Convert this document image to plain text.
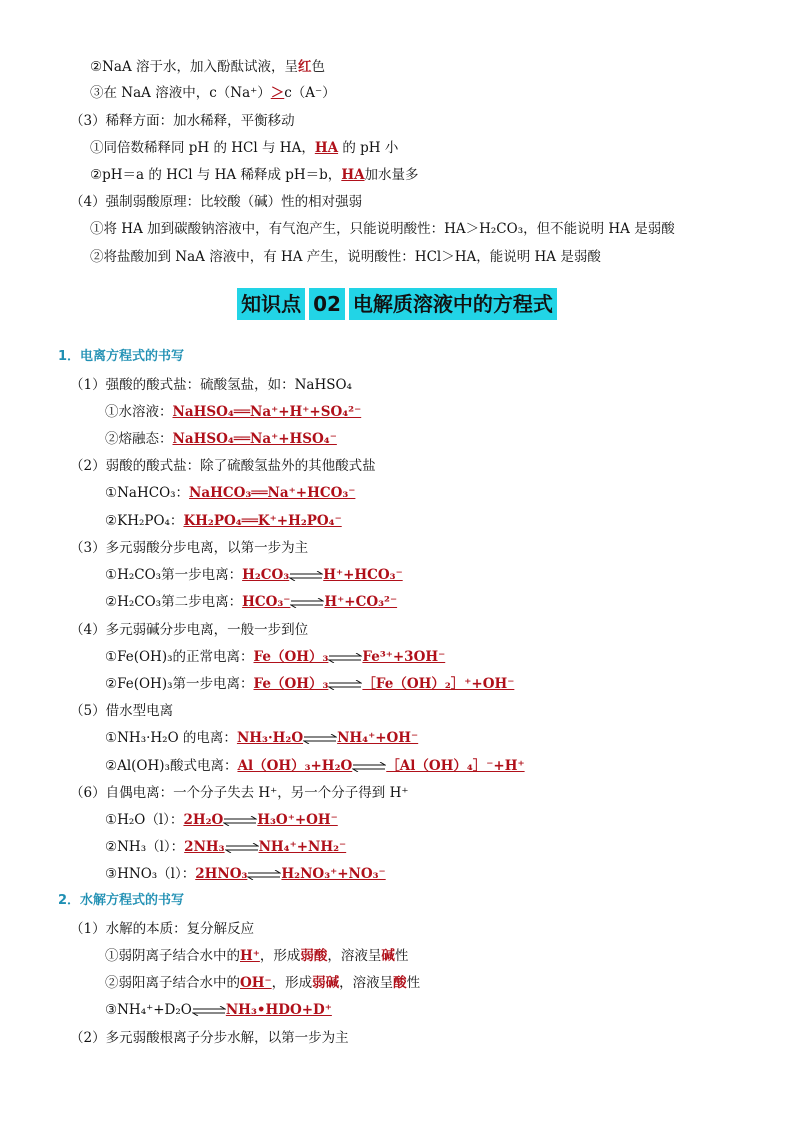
②NaA 溶于水，加入酚酞试液，呈红色
③在 NaA 溶液中，c（Na⁺）＞c（A⁻）
（3）稀释方面：加水稀释，平衡移动
①同倍数稀释同 pH 的 HCl 与 HA，HA 的 pH 小
②pH＝a 的 HCl 与 HA 稀释成 pH＝b，HA加水量多
（4）强制弱酸原理：比较酸（碱）性的相对强弱
①将 HA 加到碳酸钠溶液中，有气泡产生，只能说明酸性：HA＞H₂CO₃，但不能说明 HA 是弱酸
②将盐酸加到 NaA 溶液中，有 HA 产生，说明酸性：HCl＞HA，能说明 HA 是弱酸
知识点 02 电解质溶液中的方程式
1．电离方程式的书写
（1）强酸的酸式盐：硫酸氢盐，如：NaHSO₄
①水溶液：NaHSO₄══Na⁺+H⁺+SO₄²⁻
②熔融态：NaHSO₄══Na⁺+HSO₄⁻
（2）弱酸的酸式盐：除了硫酸氢盐外的其他酸式盐
①NaHCO₃：NaHCO₃══Na⁺+HCO₃⁻
②KH₂PO₄：KH₂PO₄══K⁺+H₂PO₄⁻
（3）多元弱酸分步电离，以第一步为主
①H₂CO₃第一步电离：H₂CO₃⇌H⁺+HCO₃⁻
②H₂CO₃第二步电离：HCO₃⁻⇌H⁺+CO₃²⁻
（4）多元弱碱分步电离，一般一步到位
①Fe(OH)₃的正常电离：Fe（OH）₃⇌Fe³⁺+3OH⁻
②Fe(OH)₃第一步电离：Fe（OH）₃⇌［Fe（OH）₂］⁺+OH⁻
（5）借水型电离
①NH₃·H₂O 的电离：NH₃·H₂O⇌NH₄⁺+OH⁻
②Al(OH)₃酸式电离：Al（OH）₃+H₂O⇌［Al（OH）₄］⁻+H⁺
（6）自偶电离：一个分子失去 H⁺，另一个分子得到 H⁺
①H₂O（l）：2H₂O⇌H₃O⁺+OH⁻
②NH₃（l）：2NH₃⇌NH₄⁺+NH₂⁻
③HNO₃（l）：2HNO₃⇌H₂NO₃⁺+NO₃⁻
2．水解方程式的书写
（1）水解的本质：复分解反应
①弱阴离子结合水中的H⁺，形成弱酸，溶液呈碱性
②弱阳离子结合水中的OH⁻，形成弱碱，溶液呈酸性
③NH₄⁺+D₂O⇌NH₃•HDO+D⁺
（2）多元弱酸根离子分步水解，以第一步为主
